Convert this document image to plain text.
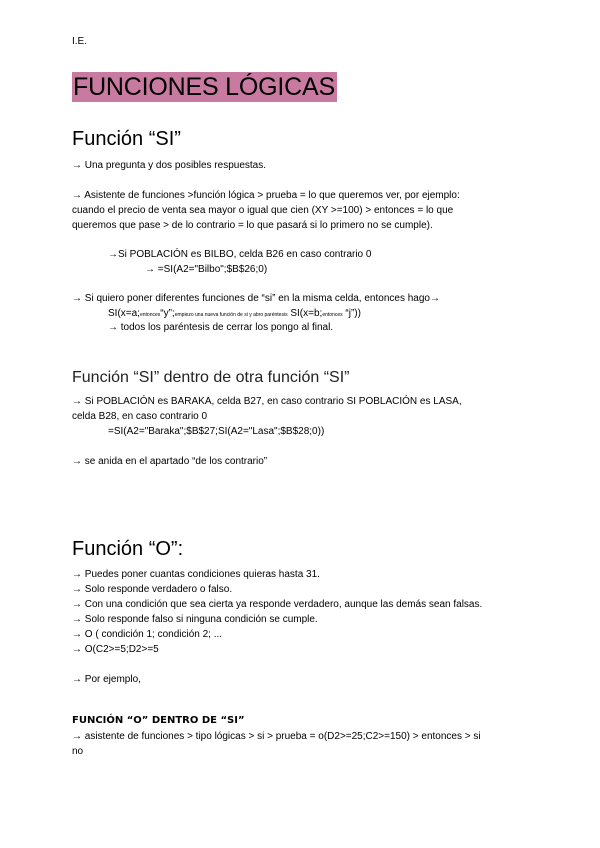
I.E.
FUNCIONES LÓGICAS
Función “SI”
→ Una pregunta y dos posibles respuestas.
→ Asistente de funciones >función lógica > prueba = lo que queremos ver, por ejemplo:
cuando el precio de venta sea mayor o igual que cien (XY >=100) > entonces = lo que
queremos que pase > de lo contrario = lo que pasará si lo primero no se cumple).
→Si POBLACIÓN es BILBO, celda B26 en caso contrario 0
→ =SI(A2="Bilbo";$B$26;0)
→ Si quiero poner diferentes funciones de “si” en la misma celda, entonces hago→
SI(x=a;entonces“y”;empiezo una nueva función de si y abro paréntesis SI(x=b;entonces “j”))
→ todos los paréntesis de cerrar los pongo al final.
Función “SI” dentro de otra función “SI”
→ Si POBLACIÓN es BARAKA, celda B27, en caso contrario SI POBLACIÓN es LASA,
celda B28, en caso contrario 0
=SI(A2="Baraka";$B$27;SI(A2="Lasa";$B$28;0))
→ se anida en el apartado “de los contrario”
Función “O”:
→ Puedes poner cuantas condiciones quieras hasta 31.
→ Solo responde verdadero o falso.
→ Con una condición que sea cierta ya responde verdadero, aunque las demás sean falsas.
→ Solo responde falso si ninguna condición se cumple.
→ O ( condición 1; condición 2; ...
→ O(C2>=5;D2>=5
→ Por ejemplo,
FUNCIÓN “O” DENTRO DE “SI”
→ asistente de funciones > tipo lógicas > si > prueba = o(D2>=25;C2>=150) > entonces > si
no
